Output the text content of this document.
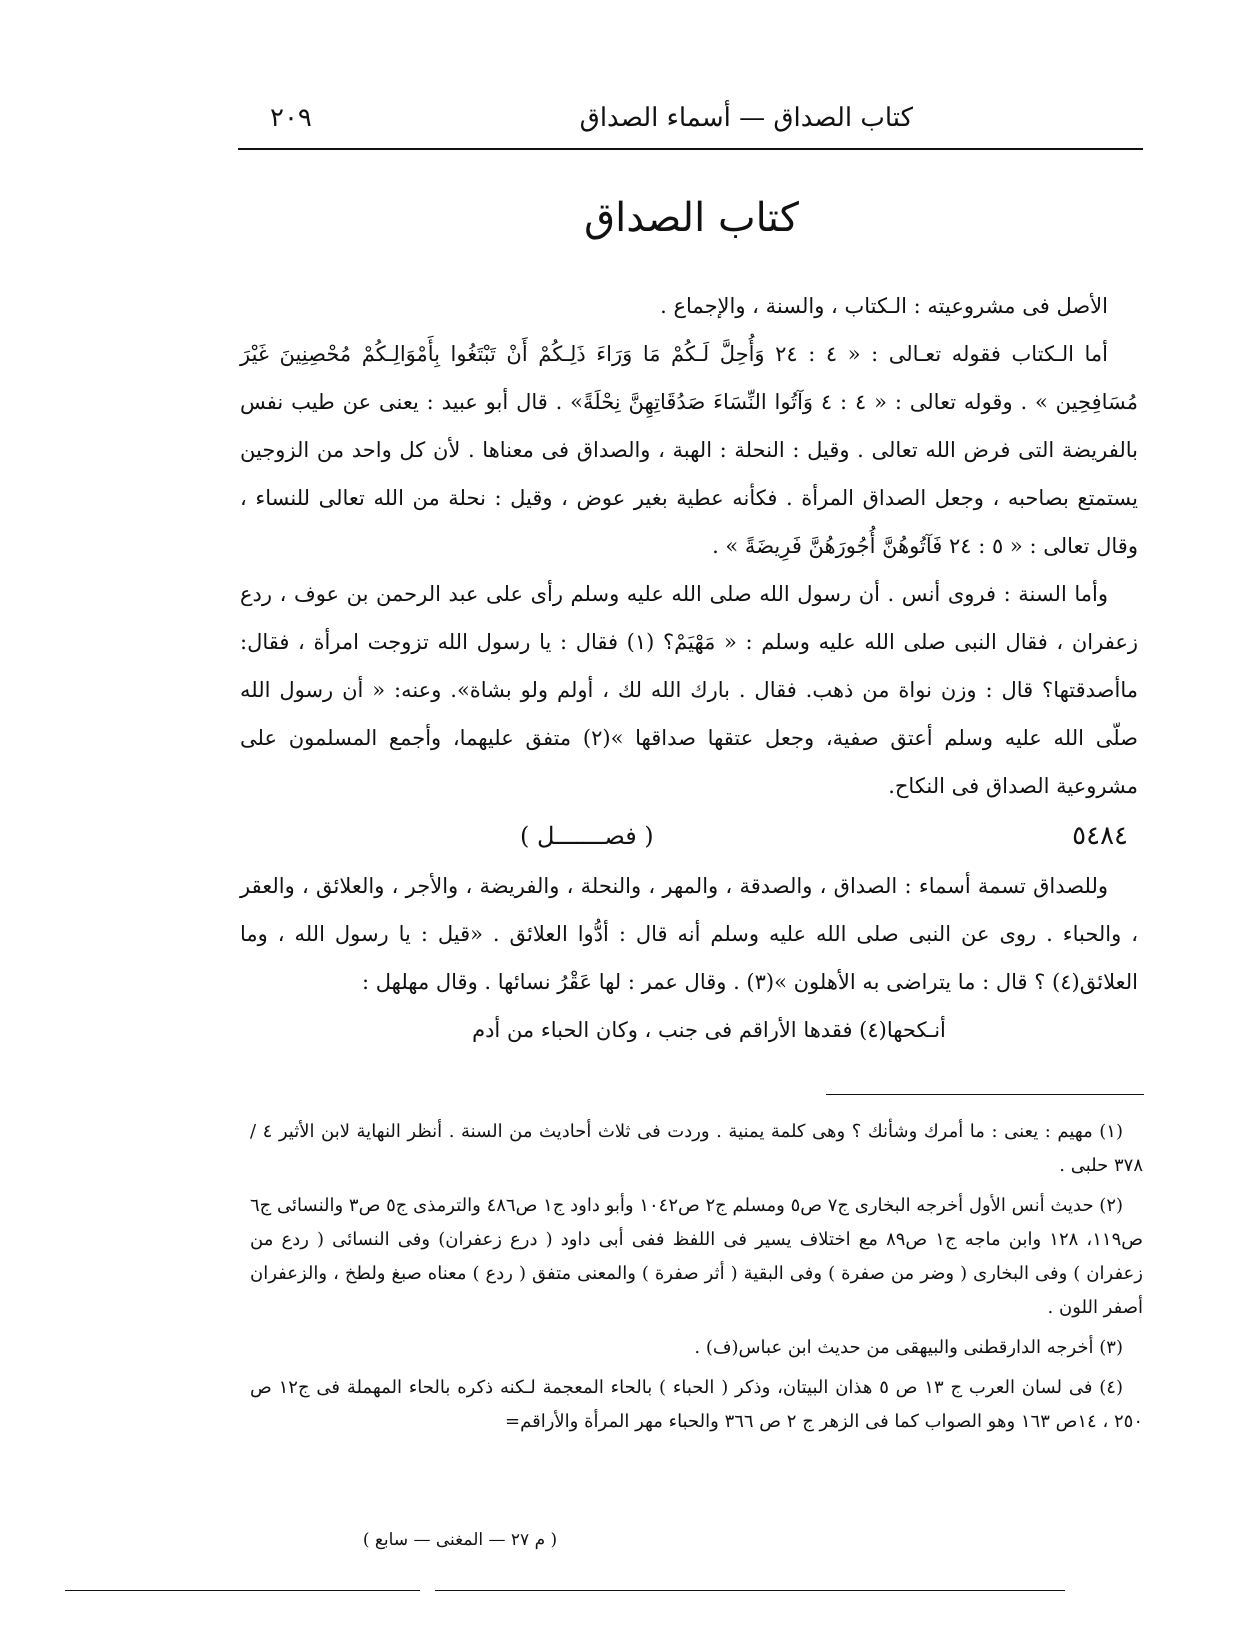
كتاب الصداق — أسماء الصداق
٢٠٩
كتاب الصداق

الأصل فى مشروعيته : الـكتاب ، والسنة ، والإجماع .

أما الـكتاب فقوله تعـالى : « ٤ : ٢٤ وَأُحِلَّ لَـكُمْ مَا وَرَاءَ ذَلِـكُمْ أَنْ تَبْتَغُوا بِأَمْوَالِـكُمْ مُحْصِنِينَ غَيْرَ مُسَافِحِين » . وقوله تعالى : « ٤ : ٤ وَآتُوا النِّسَاءَ صَدُقَاتِهِنَّ نِحْلَةً» . قال أبو عبيد : يعنى عن طيب نفس بالفريضة التى فرض الله تعالى . وقيل : النحلة : الهبة ، والصداق فى معناها . لأن كل واحد من الزوجين يستمتع بصاحبه ، وجعل الصداق المرأة . فكأنه عطية بغير عوض ، وقيل : نحلة من الله تعالى للنساء ، وقال تعالى : « ٥ : ٢٤ فَآتُوهُنَّ أُجُورَهُنَّ فَرِيضَةً » .

وأما السنة : فروى أنس . أن رسول الله صلى الله عليه وسلم رأى على عبد الرحمن بن عوف ، ردع زعفران ، فقال النبى صلى الله عليه وسلم : « مَهْيَمْ؟ (١) فقال : يا رسول الله تزوجت امرأة ، فقال: ماأصدقتها؟ قال : وزن نواة من ذهب. فقال . بارك الله لك ، أولم ولو بشاة». وعنه: « أن رسول الله صلّى الله عليه وسلم أعتق صفية، وجعل عتقها صداقها »(٢) متفق عليهما، وأجمع المسلمون على مشروعية الصداق فى النكاح.

٥٤٨٤
( فصـــــــل )

وللصداق تسمة أسماء : الصداق ، والصدقة ، والمهر ، والنحلة ، والفريضة ، والأجر ، والعلائق ، والعقر ، والحباء . روى عن النبى صلى الله عليه وسلم أنه قال : أدُّوا العلائق . «قيل : يا رسول الله ، وما العلائق(٤) ؟ قال : ما يتراضى به الأهلون »(٣) . وقال عمر : لها عَقْرُ نسائها . وقال مهلهل :

أنـكحها(٤) فقدها الأراقم فى جنب ، وكان الحباء من أدم

(١) مهيم : يعنى : ما أمرك وشأنك ؟ وهى كلمة يمنية . وردت فى ثلاث أحاديث من السنة . أنظر النهاية لابن الأثير ٤ /٣٧٨ حلبى .

(٢) حديث أنس الأول أخرجه البخارى ج٧ ص٥ ومسلم ج٢ ص١٠٤٢ وأبو داود ج١ ص٤٨٦ والترمذى ج٥ ص٣ والنسائى ج٦ ص١١٩، ١٢٨ وابن ماجه ج١ ص٨٩ مع اختلاف يسير فى اللفظ ففى أبى داود ( درع زعفران) وفى النسائى ( ردع من زعفران ) وفى البخارى ( وضر من صفرة ) وفى البقية ( أثر صفرة ) والمعنى متفق ( ردع ) معناه صبغ ولطخ ، والزعفران أصفر اللون .

(٣) أخرجه الدارقطنى والبيهقى من حديث ابن عباس(ف) .

(٤) فى لسان العرب ج ١٣ ص ٥ هذان البيتان، وذكر ( الحباء ) بالحاء المعجمة لـكنه ذكره بالحاء المهملة فى ج١٢ ص ٢٥٠ ، ١٤ص ١٦٣ وهو الصواب كما فى الزهر ج ٢ ص ٣٦٦ والحباء مهر المرأة والأراقم=

( م ٢٧ — المغنى — سابع )
